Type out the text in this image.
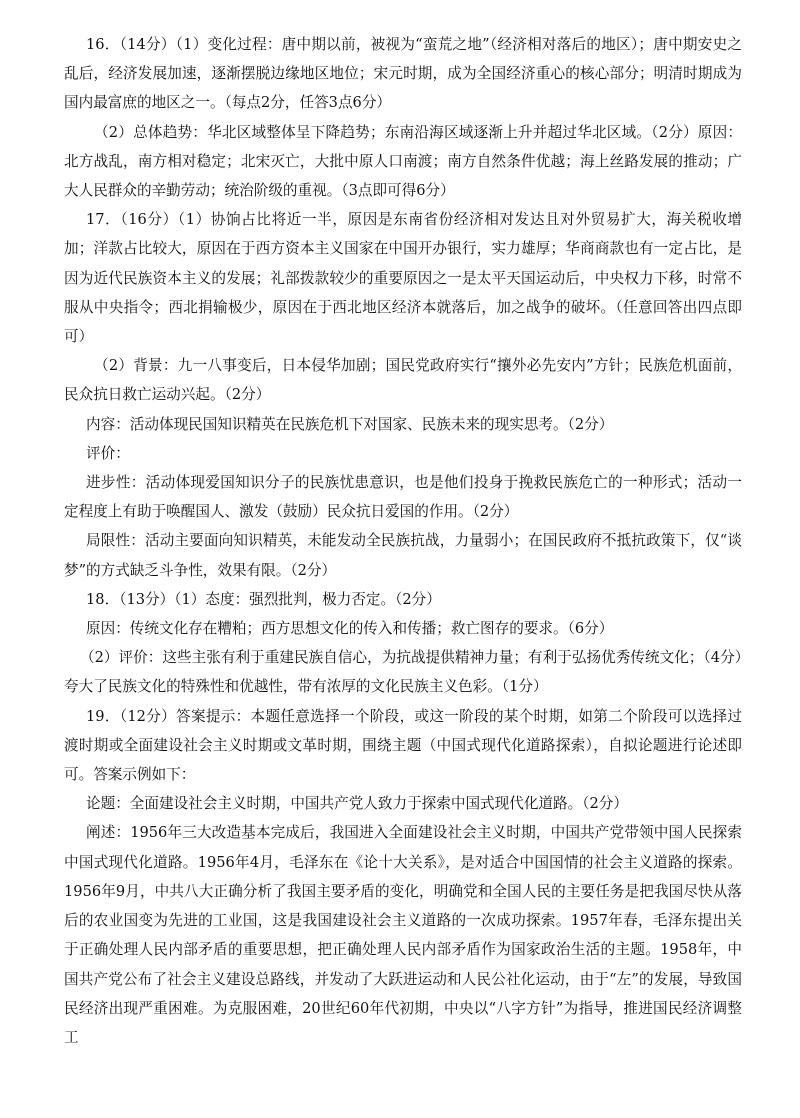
16．（14分）（1）变化过程：唐中期以前，被视为“蛮荒之地”（经济相对落后的地区）；唐中期安史之乱后，经济发展加速，逐渐摆脱边缘地区地位；宋元时期，成为全国经济重心的核心部分；明清时期成为国内最富庶的地区之一。（每点2分，任答3点6分）

（2）总体趋势：华北区域整体呈下降趋势；东南沿海区域逐渐上升并超过华北区域。（2分）原因：北方战乱，南方相对稳定；北宋灭亡，大批中原人口南渡；南方自然条件优越；海上丝路发展的推动；广大人民群众的辛勤劳动；统治阶级的重视。（3点即可得6分）

17．（16分）（1）协饷占比将近一半，原因是东南省份经济相对发达且对外贸易扩大，海关税收增加；洋款占比较大，原因在于西方资本主义国家在中国开办银行，实力雄厚；华商商款也有一定占比，是因为近代民族资本主义的发展；礼部拨款较少的重要原因之一是太平天国运动后，中央权力下移，时常不服从中央指令；西北捐输极少，原因在于西北地区经济本就落后，加之战争的破坏。（任意回答出四点即可）

（2）背景：九一八事变后，日本侵华加剧；国民党政府实行“攘外必先安内”方针；民族危机面前，民众抗日救亡运动兴起。（2分）

内容：活动体现民国知识精英在民族危机下对国家、民族未来的现实思考。（2分）

评价：

进步性：活动体现爱国知识分子的民族忧患意识，也是他们投身于挽救民族危亡的一种形式；活动一定程度上有助于唤醒国人、激发（鼓励）民众抗日爱国的作用。（2分）

局限性：活动主要面向知识精英，未能发动全民族抗战，力量弱小；在国民政府不抵抗政策下，仅“谈梦”的方式缺乏斗争性，效果有限。（2分）

18．（13分）（1）态度：强烈批判，极力否定。（2分）

原因：传统文化存在糟粕；西方思想文化的传入和传播；救亡图存的要求。（6分）

（2）评价：这些主张有利于重建民族自信心，为抗战提供精神力量；有利于弘扬优秀传统文化；（4分）夸大了民族文化的特殊性和优越性，带有浓厚的文化民族主义色彩。（1分）

19．（12分）答案提示：本题任意选择一个阶段，或这一阶段的某个时期，如第二个阶段可以选择过渡时期或全面建设社会主义时期或文革时期，围绕主题（中国式现代化道路探索），自拟论题进行论述即可。答案示例如下：

论题：全面建设社会主义时期，中国共产党人致力于探索中国式现代化道路。（2分）

阐述：1956年三大改造基本完成后，我国进入全面建设社会主义时期，中国共产党带领中国人民探索中国式现代化道路。1956年4月，毛泽东在《论十大关系》，是对适合中国国情的社会主义道路的探索。1956年9月，中共八大正确分析了我国主要矛盾的变化，明确党和全国人民的主要任务是把我国尽快从落后的农业国变为先进的工业国，这是我国建设社会主义道路的一次成功探索。1957年春，毛泽东提出关于正确处理人民内部矛盾的重要思想，把正确处理人民内部矛盾作为国家政治生活的主题。1958年，中国共产党公布了社会主义建设总路线，并发动了大跃进运动和人民公社化运动，由于“左”的发展，导致国民经济出现严重困难。为克服困难，20世纪60年代初期，中央以“八字方针”为指导，推进国民经济调整工
